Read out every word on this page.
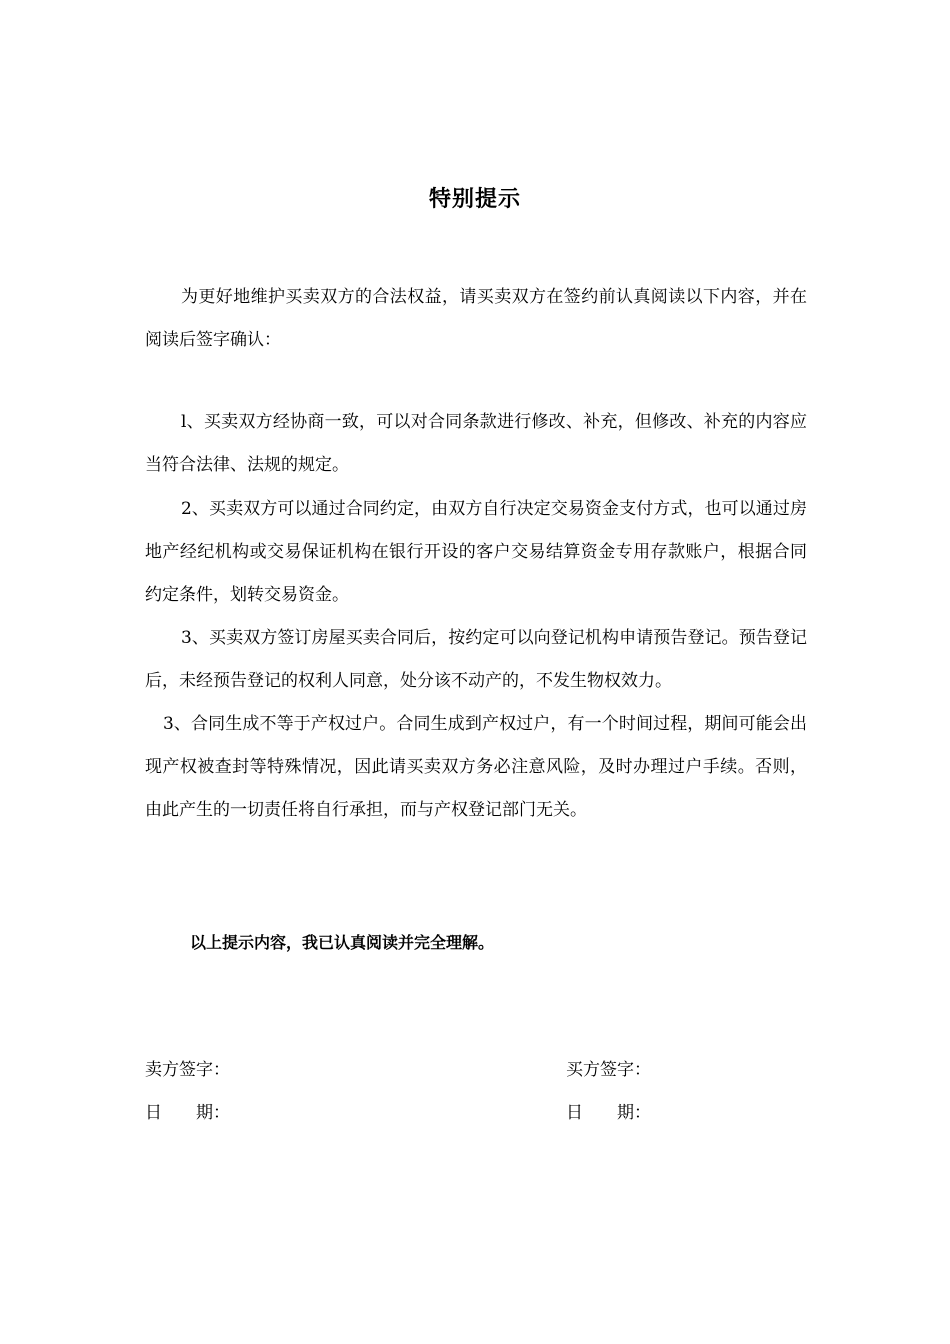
特别提示

为更好地维护买卖双方的合法权益，请买卖双方在签约前认真阅读以下内容，并在阅读后签字确认：

l、买卖双方经协商一致，可以对合同条款进行修改、补充，但修改、补充的内容应当符合法律、法规的规定。

2、买卖双方可以通过合同约定，由双方自行决定交易资金支付方式，也可以通过房地产经纪机构或交易保证机构在银行开设的客户交易结算资金专用存款账户，根据合同约定条件，划转交易资金。

3、买卖双方签订房屋买卖合同后，按约定可以向登记机构申请预告登记。预告登记后，未经预告登记的权利人同意，处分该不动产的，不发生物权效力。

3、合同生成不等于产权过户。合同生成到产权过户，有一个时间过程，期间可能会出现产权被查封等特殊情况，因此请买卖双方务必注意风险，及时办理过户手续。否则，由此产生的一切责任将自行承担，而与产权登记部门无关。

以上提示内容，我已认真阅读并完全理解。
卖方签字：
日　　期：
买方签字：
日　　期：
